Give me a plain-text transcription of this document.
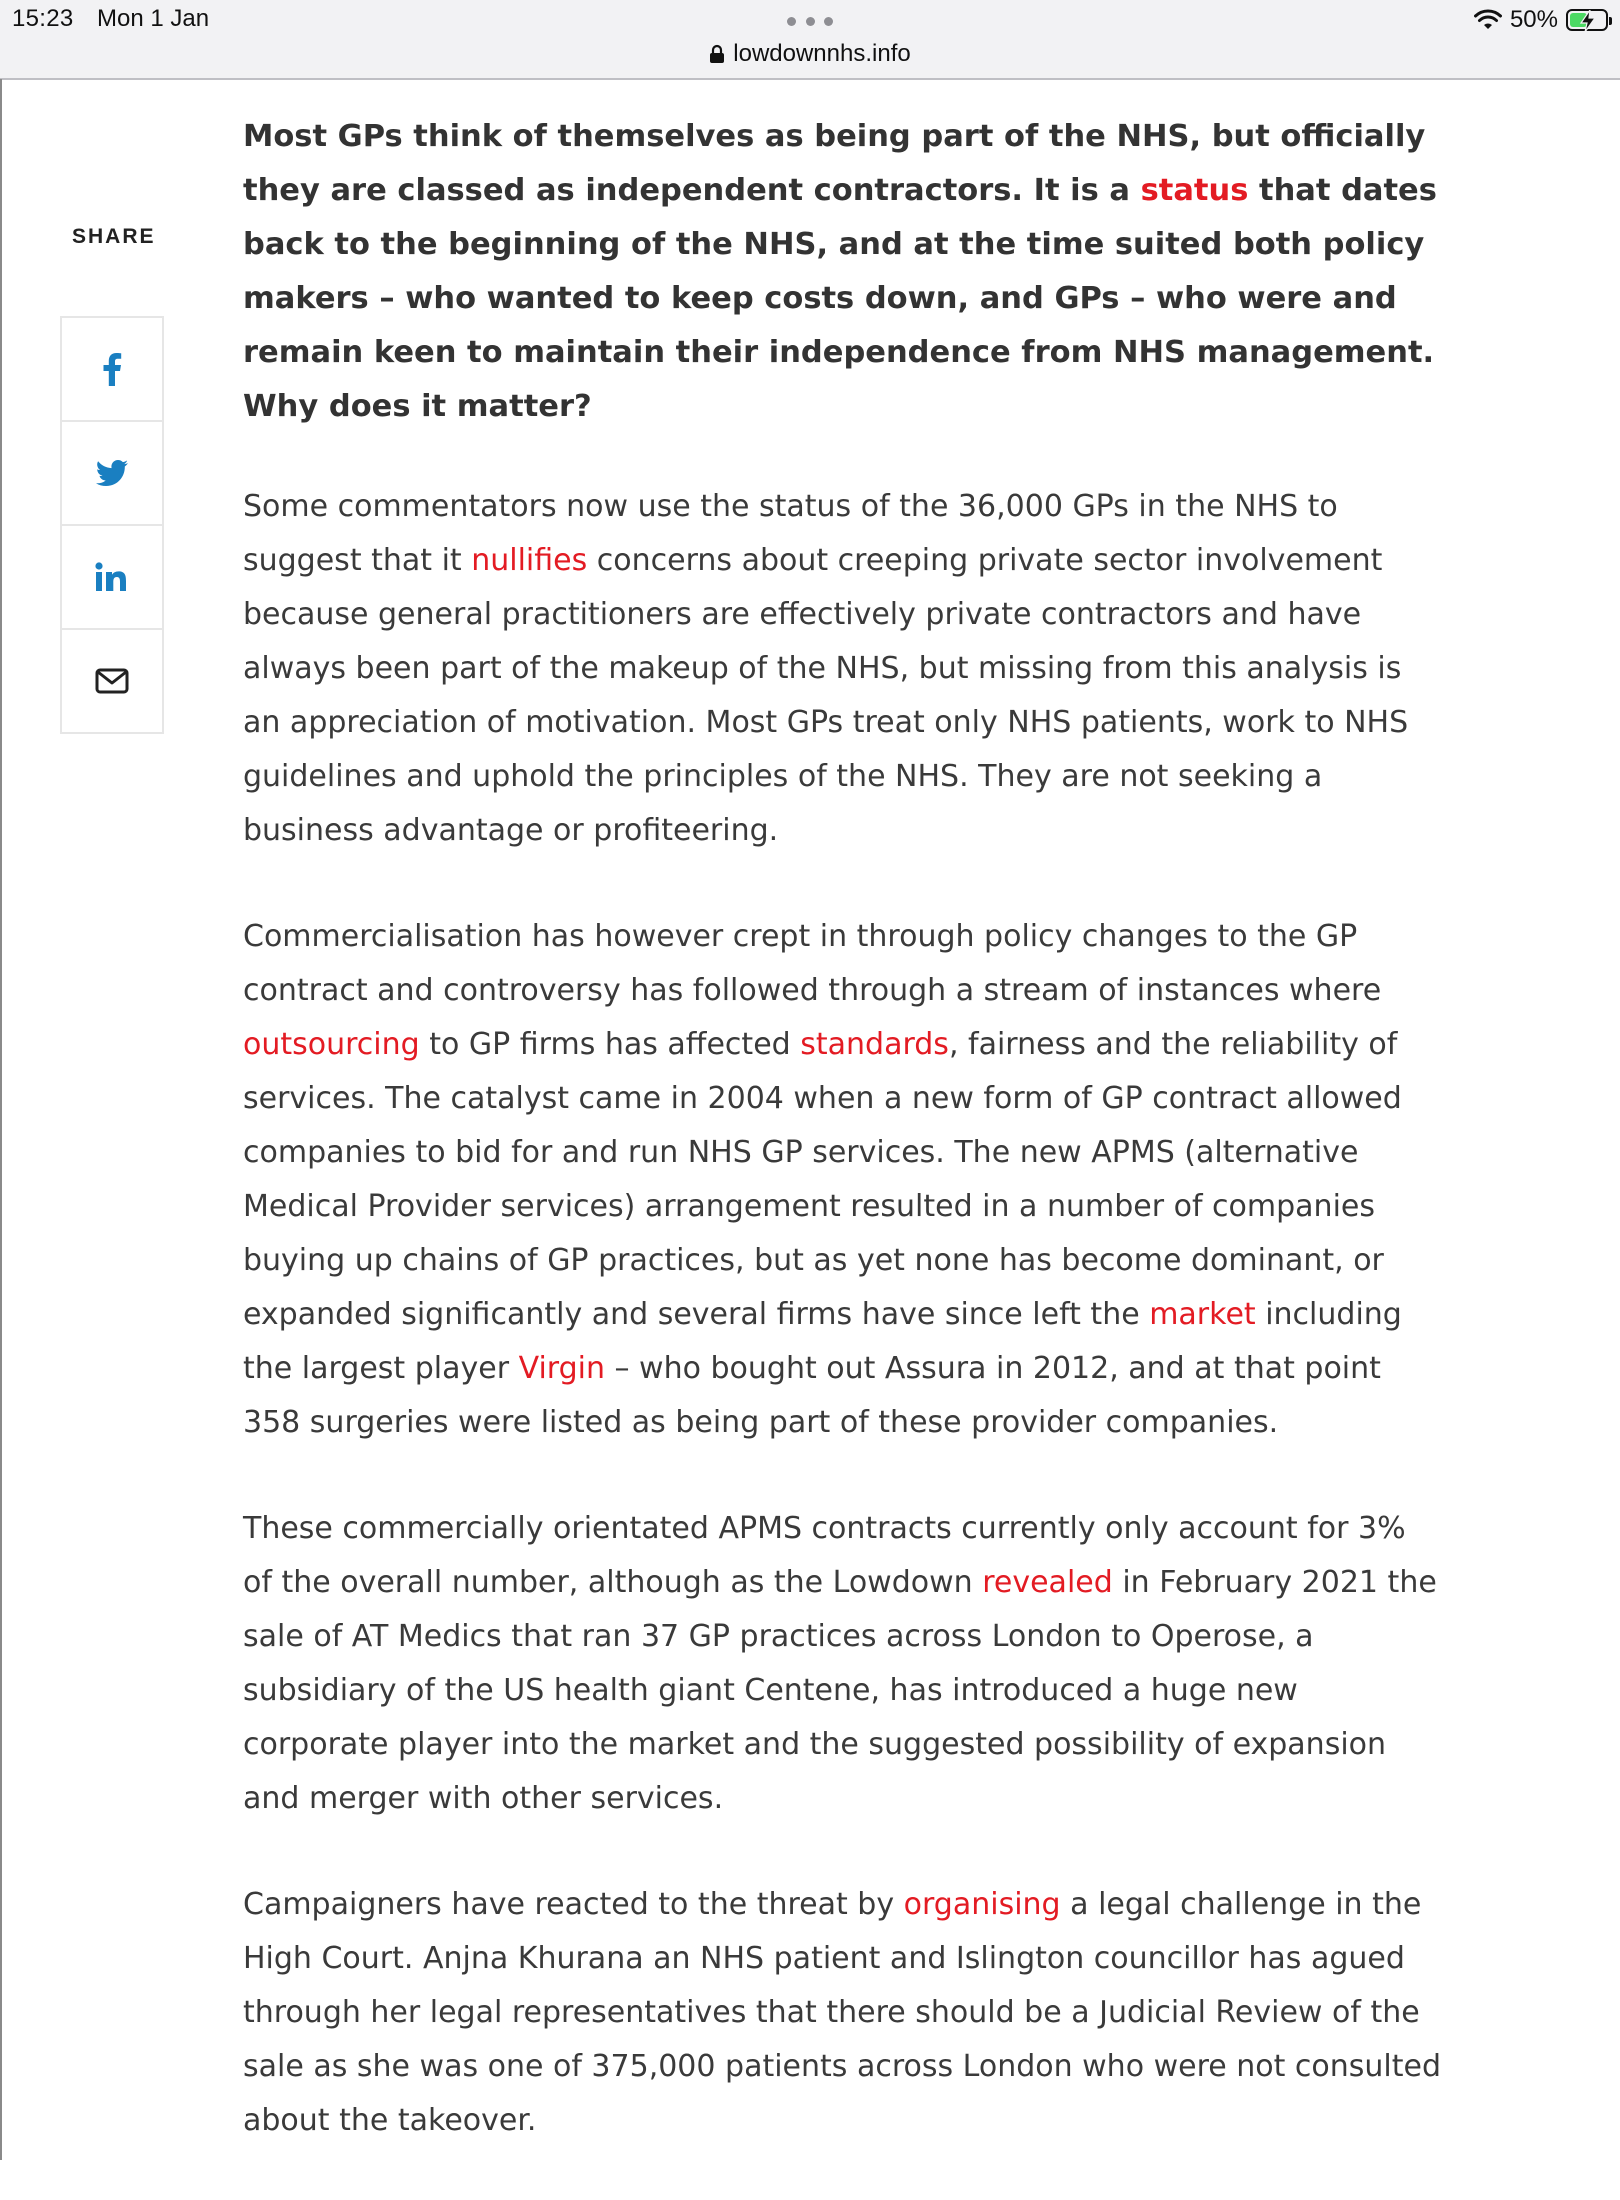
15:23 Mon 1 Jan	50%
lowdownnhs.info
SHARE

Most GPs think of themselves as being part of the NHS, but officially they are classed as independent contractors. It is a status that dates back to the beginning of the NHS, and at the time suited both policy makers – who wanted to keep costs down, and GPs – who were and remain keen to maintain their independence from NHS management. Why does it matter?

Some commentators now use the status of the 36,000 GPs in the NHS to suggest that it nullifies concerns about creeping private sector involvement because general practitioners are effectively private contractors and have always been part of the makeup of the NHS, but missing from this analysis is an appreciation of motivation. Most GPs treat only NHS patients, work to NHS guidelines and uphold the principles of the NHS. They are not seeking a business advantage or profiteering.

Commercialisation has however crept in through policy changes to the GP contract and controversy has followed through a stream of instances where outsourcing to GP firms has affected standards, fairness and the reliability of services. The catalyst came in 2004 when a new form of GP contract allowed companies to bid for and run NHS GP services. The new APMS (alternative Medical Provider services) arrangement resulted in a number of companies buying up chains of GP practices, but as yet none has become dominant, or expanded significantly and several firms have since left the market including the largest player Virgin – who bought out Assura in 2012, and at that point 358 surgeries were listed as being part of these provider companies.

These commercially orientated APMS contracts currently only account for 3% of the overall number, although as the Lowdown revealed in February 2021 the sale of AT Medics that ran 37 GP practices across London to Operose, a subsidiary of the US health giant Centene, has introduced a huge new corporate player into the market and the suggested possibility of expansion and merger with other services.

Campaigners have reacted to the threat by organising a legal challenge in the High Court. Anjna Khurana an NHS patient and Islington councillor has agued through her legal representatives that there should be a Judicial Review of the sale as she was one of 375,000 patients across London who were not consulted about the takeover.
